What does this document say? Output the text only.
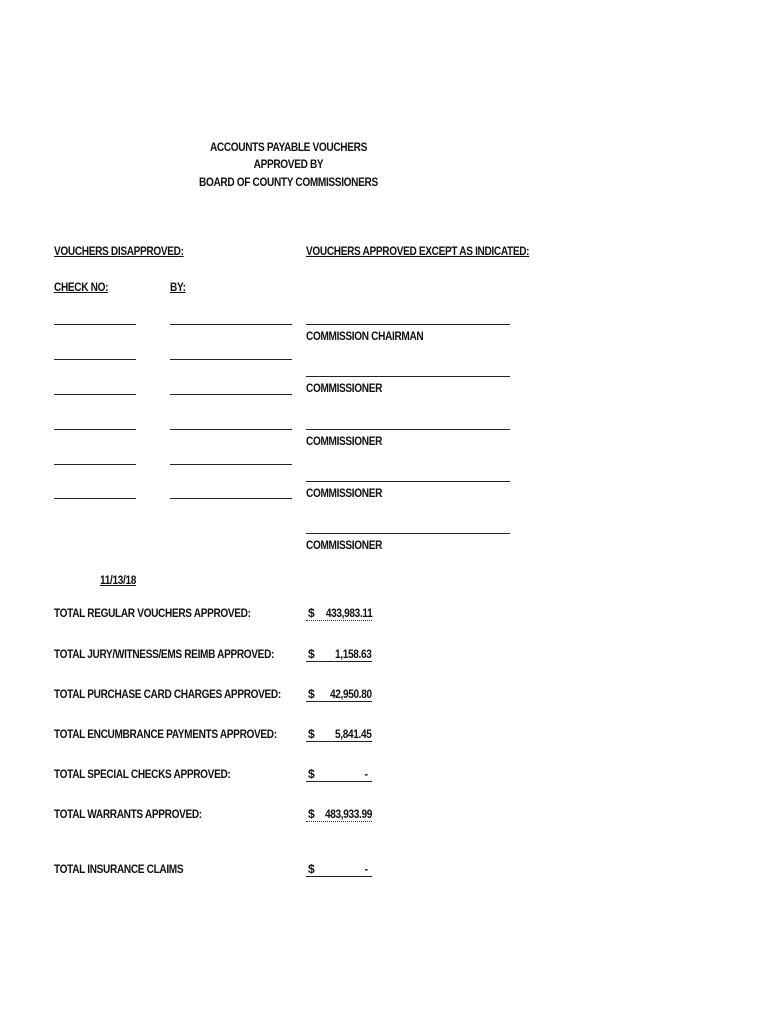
ACCOUNTS PAYABLE VOUCHERS
APPROVED BY
BOARD OF COUNTY COMMISSIONERS
VOUCHERS DISAPPROVED:	VOUCHERS APPROVED EXCEPT AS INDICATED:
CHECK NO:	BY:
COMMISSION CHAIRMAN
COMMISSIONER
COMMISSIONER
COMMISSIONER
COMMISSIONER
11/13/18
TOTAL REGULAR VOUCHERS APPROVED:	$ 433,983.11
TOTAL JURY/WITNESS/EMS REIMB APPROVED:	$ 1,158.63
TOTAL PURCHASE CARD CHARGES APPROVED: $ 42,950.80
TOTAL ENCUMBRANCE PAYMENTS APPROVED:	$ 5,841.45
TOTAL SPECIAL CHECKS APPROVED:	$	-
TOTAL WARRANTS APPROVED:	$ 483,933.99
TOTAL INSURANCE CLAIMS	$	-
